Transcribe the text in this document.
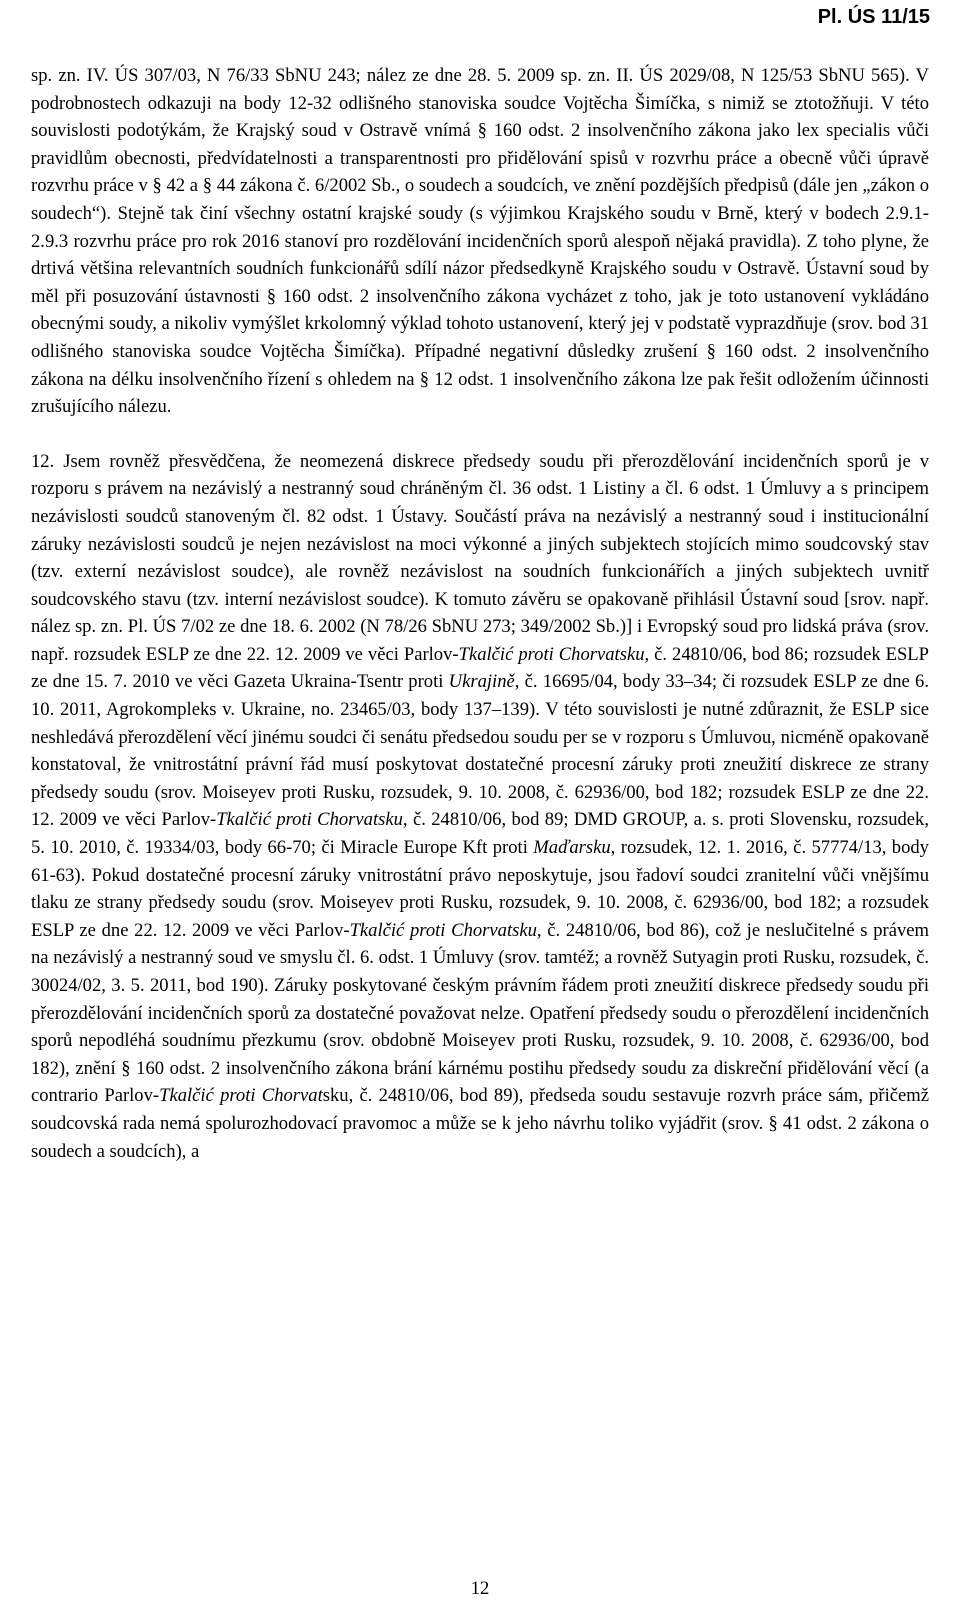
Pl. ÚS 11/15

sp. zn. IV. ÚS 307/03, N 76/33 SbNU 243; nález ze dne 28. 5. 2009 sp. zn. II. ÚS 2029/08, N 125/53 SbNU 565). V podrobnostech odkazuji na body 12-32 odlišného stanoviska soudce Vojtěcha Šimíčka, s nimiž se ztotožňuji. V této souvislosti podotýkám, že Krajský soud v Ostravě vnímá § 160 odst. 2 insolvenčního zákona jako lex specialis vůči pravidlům obecnosti, předvídatelnosti a transparentnosti pro přidělování spisů v rozvrhu práce a obecně vůči úpravě rozvrhu práce v § 42 a § 44 zákona č. 6/2002 Sb., o soudech a soudcích, ve znění pozdějších předpisů (dále jen „zákon o soudech“). Stejně tak činí všechny ostatní krajské soudy (s výjimkou Krajského soudu v Brně, který v bodech 2.9.1-2.9.3 rozvrhu práce pro rok 2016 stanoví pro rozdělování incidenčních sporů alespoň nějaká pravidla). Z toho plyne, že drtivá většina relevantních soudních funkcionářů sdílí názor předsedkyně Krajského soudu v Ostravě. Ústavní soud by měl při posuzování ústavnosti § 160 odst. 2 insolvenčního zákona vycházet z toho, jak je toto ustanovení vykládáno obecnými soudy, a nikoliv vymýšlet krkolomný výklad tohoto ustanovení, který jej v podstatě vyprazdňuje (srov. bod 31 odlišného stanoviska soudce Vojtěcha Šimíčka). Případné negativní důsledky zrušení § 160 odst. 2 insolvenčního zákona na délku insolvenčního řízení s ohledem na § 12 odst. 1 insolvenčního zákona lze pak řešit odložením účinnosti zrušujícího nálezu.

12. Jsem rovněž přesvědčena, že neomezená diskrece předsedy soudu při přerozdělování incidenčních sporů je v rozporu s právem na nezávislý a nestranný soud chráněným čl. 36 odst. 1 Listiny a čl. 6 odst. 1 Úmluvy a s principem nezávislosti soudců stanoveným čl. 82 odst. 1 Ústavy. Součástí práva na nezávislý a nestranný soud i institucionální záruky nezávislosti soudců je nejen nezávislost na moci výkonné a jiných subjektech stojících mimo soudcovský stav (tzv. externí nezávislost soudce), ale rovněž nezávislost na soudních funkcionářích a jiných subjektech uvnitř soudcovského stavu (tzv. interní nezávislost soudce). K tomuto závěru se opakovaně přihlásil Ústavní soud [srov. např. nález sp. zn. Pl. ÚS 7/02 ze dne 18. 6. 2002 (N 78/26 SbNU 273; 349/2002 Sb.)] i Evropský soud pro lidská práva (srov. např. rozsudek ESLP ze dne 22. 12. 2009 ve věci Parlov-Tkalčić proti Chorvatsku, č. 24810/06, bod 86; rozsudek ESLP ze dne 15. 7. 2010 ve věci Gazeta Ukraina-Tsentr proti Ukrajině, č. 16695/04, body 33–34; či rozsudek ESLP ze dne 6. 10. 2011, Agrokompleks v. Ukraine, no. 23465/03, body 137–139). V této souvislosti je nutné zdůraznit, že ESLP sice neshledává přerozdělení věcí jinému soudci či senátu předsedou soudu per se v rozporu s Úmluvou, nicméně opakovaně konstatoval, že vnitrostátní právní řád musí poskytovat dostatečné procesní záruky proti zneužití diskrece ze strany předsedy soudu (srov. Moiseyev proti Rusku, rozsudek, 9. 10. 2008, č. 62936/00, bod 182; rozsudek ESLP ze dne 22. 12. 2009 ve věci Parlov-Tkalčić proti Chorvatsku, č. 24810/06, bod 89; DMD GROUP, a. s. proti Slovensku, rozsudek, 5. 10. 2010, č. 19334/03, body 66-70; či Miracle Europe Kft proti Maďarsku, rozsudek, 12. 1. 2016, č. 57774/13, body 61-63). Pokud dostatečné procesní záruky vnitrostátní právo neposkytuje, jsou řadoví soudci zranitelní vůči vnějšímu tlaku ze strany předsedy soudu (srov. Moiseyev proti Rusku, rozsudek, 9. 10. 2008, č. 62936/00, bod 182; a rozsudek ESLP ze dne 22. 12. 2009 ve věci Parlov-Tkalčić proti Chorvatsku, č. 24810/06, bod 86), což je neslučitelné s právem na nezávislý a nestranný soud ve smyslu čl. 6. odst. 1 Úmluvy (srov. tamtéž; a rovněž Sutyagin proti Rusku, rozsudek, č. 30024/02, 3. 5. 2011, bod 190). Záruky poskytované českým právním řádem proti zneužití diskrece předsedy soudu při přerozdělování incidenčních sporů za dostatečné považovat nelze. Opatření předsedy soudu o přerozdělení incidenčních sporů nepodléhá soudnímu přezkumu (srov. obdobně Moiseyev proti Rusku, rozsudek, 9. 10. 2008, č. 62936/00, bod 182), znění § 160 odst. 2 insolvenčního zákona brání kárnému postihu předsedy soudu za diskreční přidělování věcí (a contrario Parlov-Tkalčić proti Chorvatsku, č. 24810/06, bod 89), předseda soudu sestavuje rozvrh práce sám, přičemž soudcovská rada nemá spolurozhodovací pravomoc a může se k jeho návrhu toliko vyjádřit (srov. § 41 odst. 2 zákona o soudech a soudcích), a

12
